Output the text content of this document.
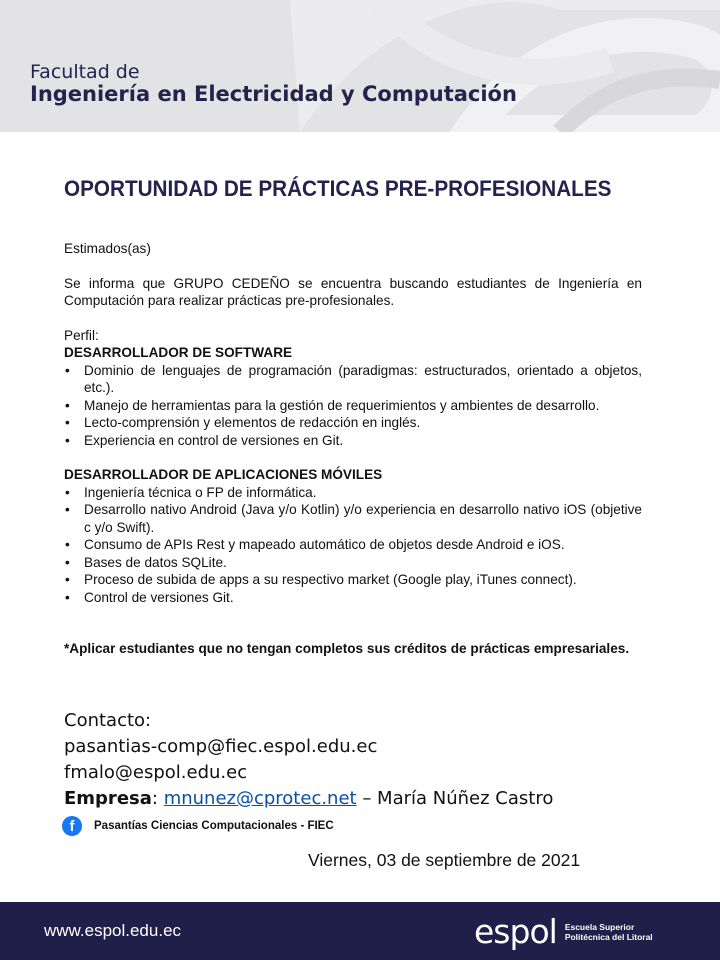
Facultad de
Ingeniería en Electricidad y Computación
OPORTUNIDAD DE PRÁCTICAS PRE-PROFESIONALES

Estimados(as)

Se informa que GRUPO CEDEÑO se encuentra buscando estudiantes de Ingeniería en Computación para realizar prácticas pre-profesionales.

Perfil:

DESARROLLADOR DE SOFTWARE

• Dominio de lenguajes de programación (paradigmas: estructurados, orientado a objetos, etc.).
• Manejo de herramientas para la gestión de requerimientos y ambientes de desarrollo.
• Lecto-comprensión y elementos de redacción en inglés.
• Experiencia en control de versiones en Git.

DESARROLLADOR DE APLICACIONES MÓVILES

• Ingeniería técnica o FP de informática.
• Desarrollo nativo Android (Java y/o Kotlin) y/o experiencia en desarrollo nativo iOS (objetive c y/o Swift).
• Consumo de APIs Rest y mapeado automático de objetos desde Android e iOS.
• Bases de datos SQLite.
• Proceso de subida de apps a su respectivo market (Google play, iTunes connect).
• Control de versiones Git.

*Aplicar estudiantes que no tengan completos sus créditos de prácticas empresariales.

Contacto:

pasantias-comp@fiec.espol.edu.ec

fmalo@espol.edu.ec

Empresa: mnunez@cprotec.net – María Núñez Castro

f	Pasantías Ciencias Computacionales - FIEC
Viernes, 03 de septiembre de 2021
www.espol.edu.ec	espol Escuela Superior
Politécnica del Litoral
